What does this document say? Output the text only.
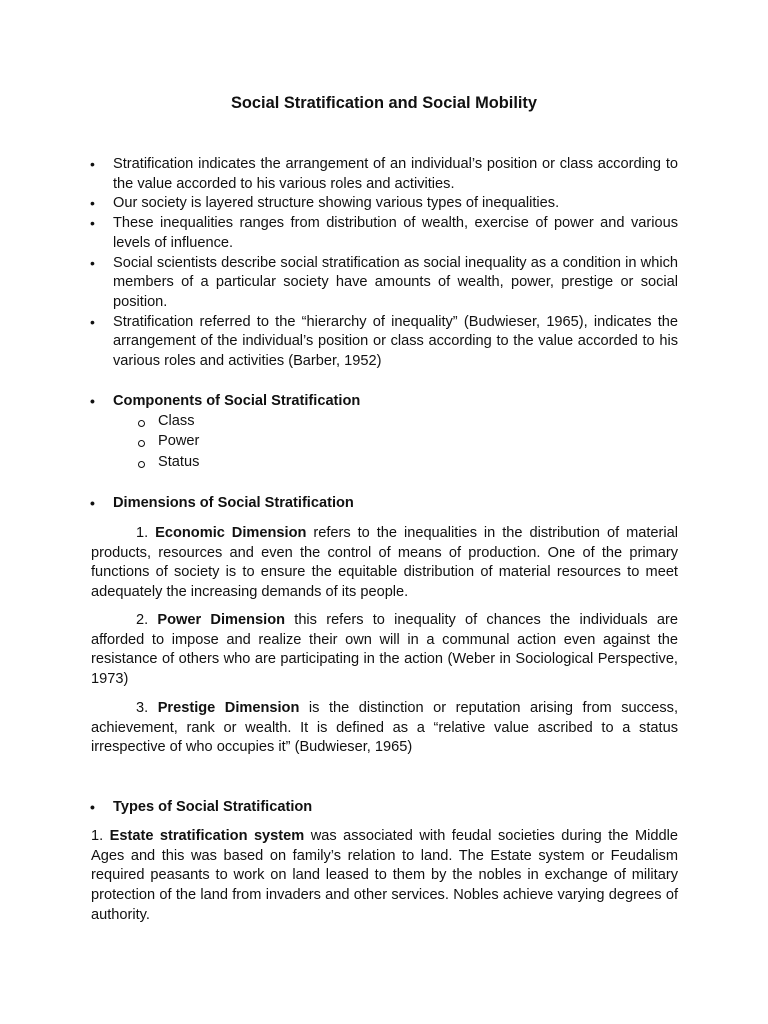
Social Stratification and Social Mobility
• Stratification indicates the arrangement of an individual’s position or class according to the value accorded to his various roles and activities.
• Our society is layered structure showing various types of inequalities.
• These inequalities ranges from distribution of wealth, exercise of power and various levels of influence.
• Social scientists describe social stratification as social inequality as a condition in which members of a particular society have amounts of wealth, power, prestige or social position.
• Stratification referred to the “hierarchy of inequality” (Budwieser, 1965), indicates the arrangement of the individual’s position or class according to the value accorded to his various roles and activities (Barber, 1952)
• Components of Social Stratification
Class
Power
Status
• Dimensions of Social Stratification

1. Economic Dimension refers to the inequalities in the distribution of material products, resources and even the control of means of production. One of the primary functions of society is to ensure the equitable distribution of material resources to meet adequately the increasing demands of its people.

2. Power Dimension this refers to inequality of chances the individuals are afforded to impose and realize their own will in a communal action even against the resistance of others who are participating in the action (Weber in Sociological Perspective, 1973)

3. Prestige Dimension is the distinction or reputation arising from success, achievement, rank or wealth. It is defined as a “relative value ascribed to a status irrespective of who occupies it” (Budwieser, 1965)

• Types of Social Stratification

1. Estate stratification system was associated with feudal societies during the Middle Ages and this was based on family’s relation to land. The Estate system or Feudalism required peasants to work on land leased to them by the nobles in exchange of military protection of the land from invaders and other services. Nobles achieve varying degrees of authority.
